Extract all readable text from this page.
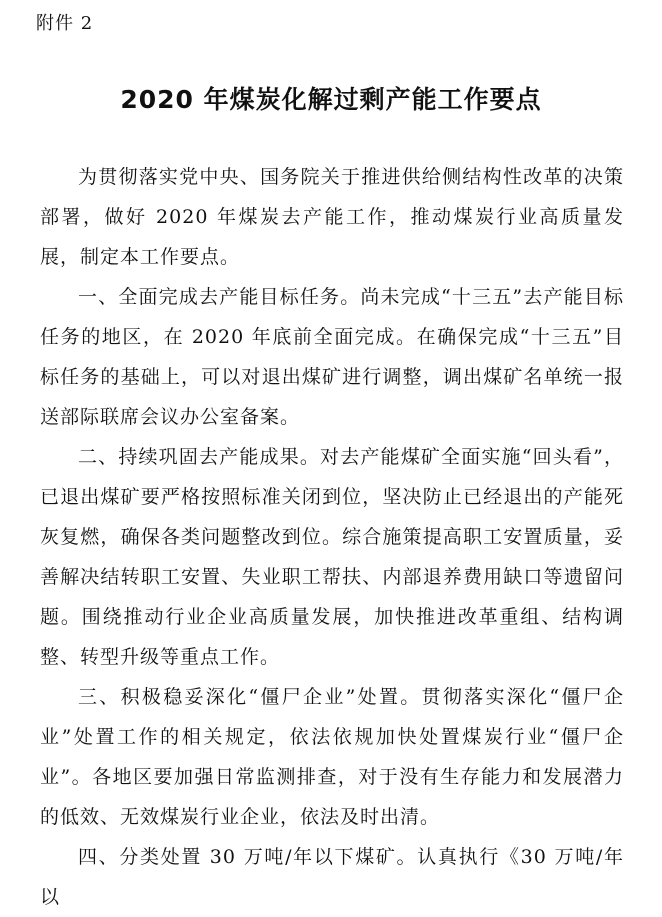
附件 2
2020 年煤炭化解过剩产能工作要点

为贯彻落实党中央、国务院关于推进供给侧结构性改革的决策部署，做好 2020 年煤炭去产能工作，推动煤炭行业高质量发展，制定本工作要点。

一、全面完成去产能目标任务。尚未完成“十三五”去产能目标任务的地区，在 2020 年底前全面完成。在确保完成“十三五”目标任务的基础上，可以对退出煤矿进行调整，调出煤矿名单统一报送部际联席会议办公室备案。

二、持续巩固去产能成果。对去产能煤矿全面实施“回头看”，已退出煤矿要严格按照标准关闭到位，坚决防止已经退出的产能死灰复燃，确保各类问题整改到位。综合施策提高职工安置质量，妥善解决结转职工安置、失业职工帮扶、内部退养费用缺口等遗留问题。围绕推动行业企业高质量发展，加快推进改革重组、结构调整、转型升级等重点工作。

三、积极稳妥深化“僵尸企业”处置。贯彻落实深化“僵尸企业”处置工作的相关规定，依法依规加快处置煤炭行业“僵尸企业”。各地区要加强日常监测排查，对于没有生存能力和发展潜力的低效、无效煤炭行业企业，依法及时出清。

四、分类处置 30 万吨/年以下煤矿。认真执行《30 万吨/年以
